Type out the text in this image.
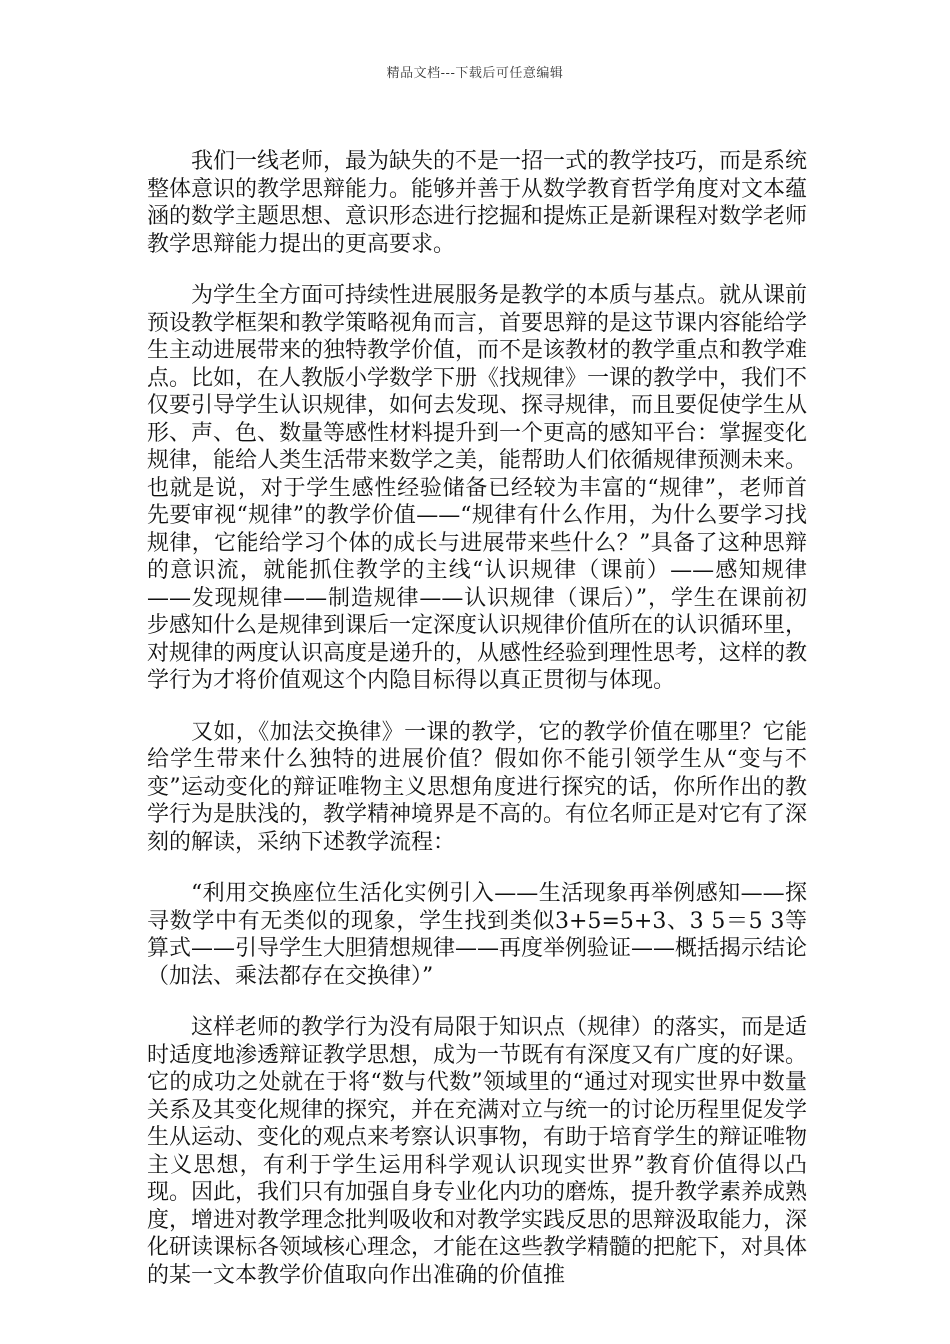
精品文档---下载后可任意编辑

我们一线老师，最为缺失的不是一招一式的教学技巧，而是系统整体意识的教学思辩能力。能够并善于从数学教育哲学角度对文本蕴涵的数学主题思想、意识形态进行挖掘和提炼正是新课程对数学老师教学思辩能力提出的更高要求。

为学生全方面可持续性进展服务是教学的本质与基点。就从课前预设教学框架和教学策略视角而言，首要思辩的是这节课内容能给学生主动进展带来的独特教学价值，而不是该教材的教学重点和教学难点。比如，在人教版小学数学下册《找规律》一课的教学中，我们不仅要引导学生认识规律，如何去发现、探寻规律，而且要促使学生从形、声、色、数量等感性材料提升到一个更高的感知平台：掌握变化规律，能给人类生活带来数学之美，能帮助人们依循规律预测未来。也就是说，对于学生感性经验储备已经较为丰富的“规律”，老师首先要审视“规律”的教学价值——“规律有什么作用，为什么要学习找规律，它能给学习个体的成长与进展带来些什么？”具备了这种思辩的意识流，就能抓住教学的主线“认识规律（课前）——感知规律——发现规律——制造规律——认识规律（课后）”，学生在课前初步感知什么是规律到课后一定深度认识规律价值所在的认识循环里，对规律的两度认识高度是递升的，从感性经验到理性思考，这样的教学行为才将价值观这个内隐目标得以真正贯彻与体现。

又如，《加法交换律》一课的教学，它的教学价值在哪里？它能给学生带来什么独特的进展价值？假如你不能引领学生从“变与不变”运动变化的辩证唯物主义思想角度进行探究的话，你所作出的教学行为是肤浅的，教学精神境界是不高的。有位名师正是对它有了深刻的解读，采纳下述教学流程：

“利用交换座位生活化实例引入——生活现象再举例感知——探寻数学中有无类似的现象，学生找到类似3+5=5+3、3 5＝5 3等算式——引导学生大胆猜想规律——再度举例验证——概括揭示结论（加法、乘法都存在交换律）”

这样老师的教学行为没有局限于知识点（规律）的落实，而是适时适度地渗透辩证教学思想，成为一节既有有深度又有广度的好课。它的成功之处就在于将“数与代数”领域里的“通过对现实世界中数量关系及其变化规律的探究，并在充满对立与统一的讨论历程里促发学生从运动、变化的观点来考察认识事物，有助于培育学生的辩证唯物主义思想，有利于学生运用科学观认识现实世界”教育价值得以凸现。因此，我们只有加强自身专业化内功的磨炼，提升教学素养成熟度，增进对教学理念批判吸收和对教学实践反思的思辩汲取能力，深化研读课标各领域核心理念，才能在这些教学精髓的把舵下，对具体的某一文本教学价值取向作出准确的价值推
